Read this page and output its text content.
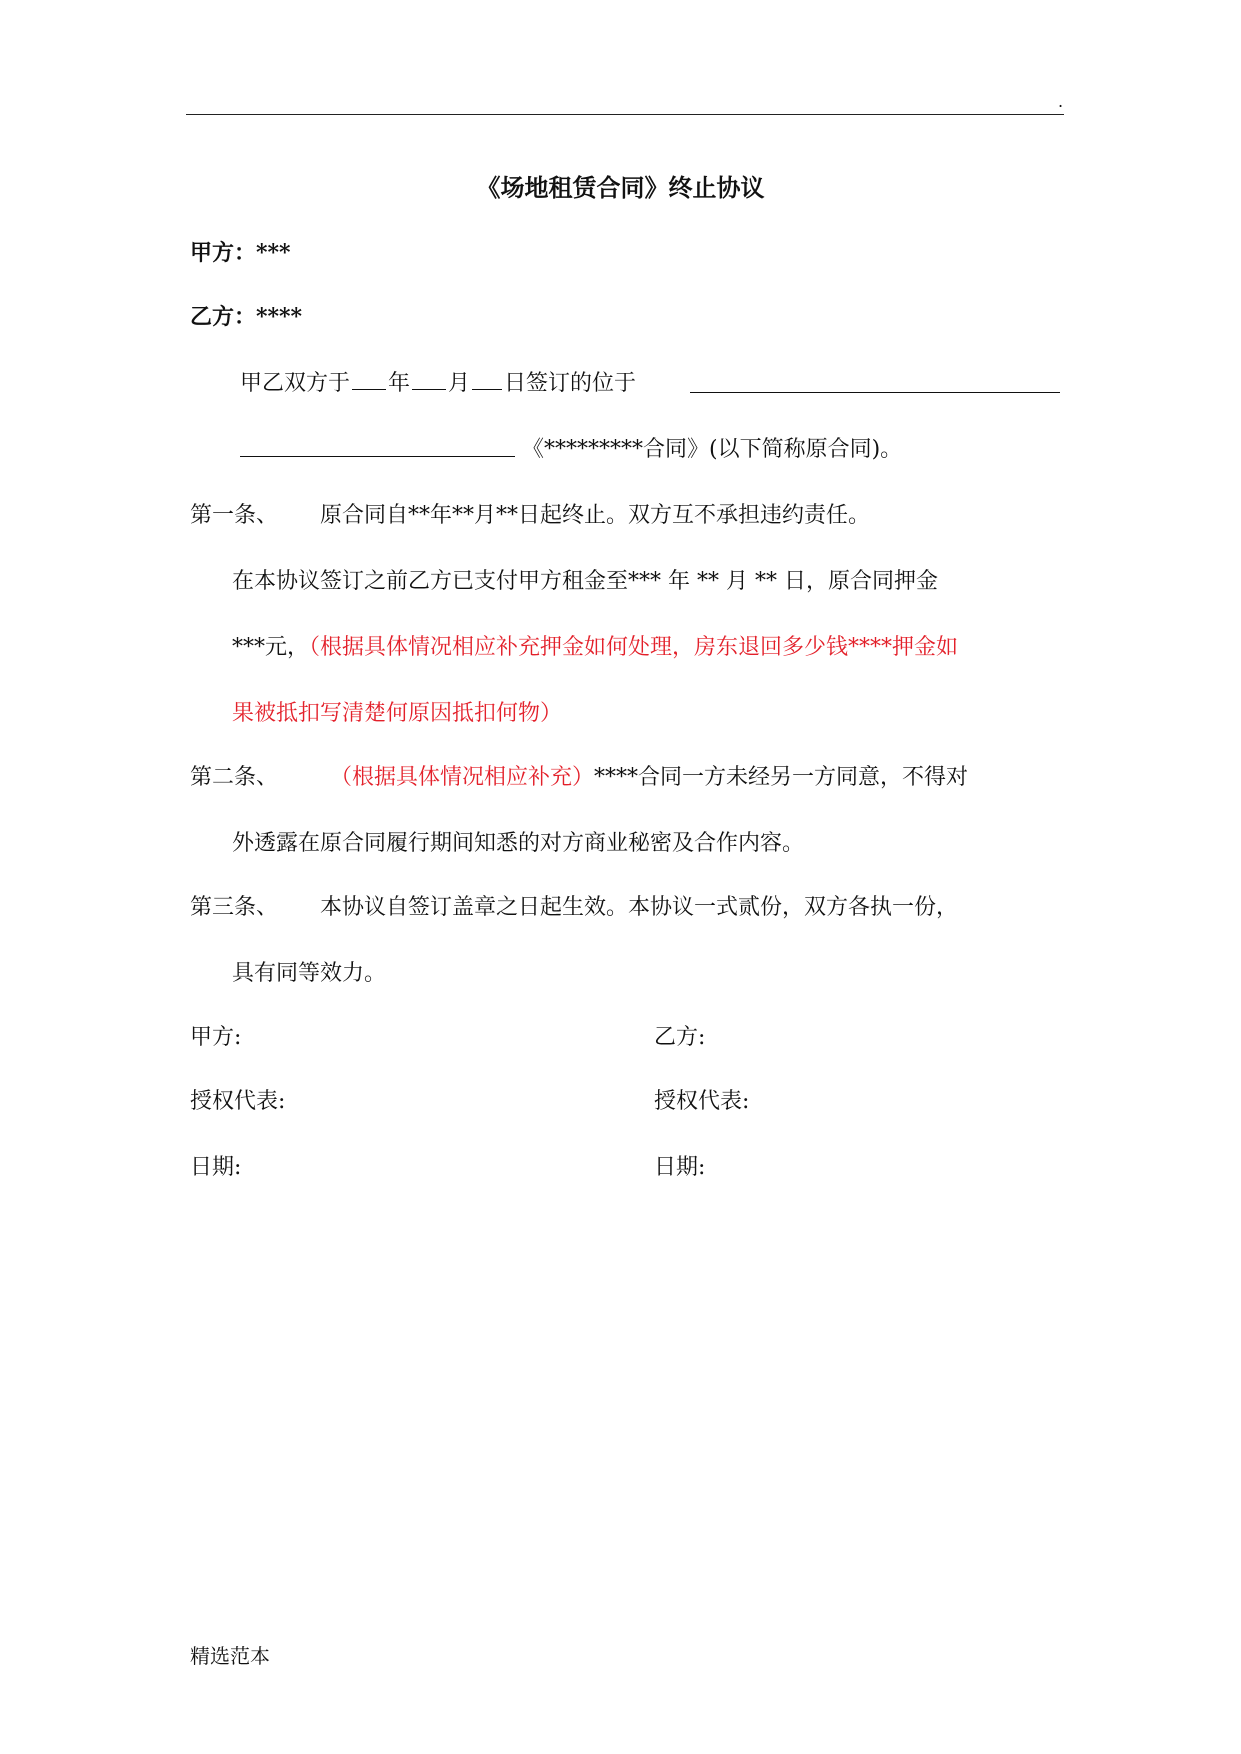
.
《场地租赁合同》终止协议
甲方：***
乙方：****
甲乙双方于 年 月 日签订的位于
《*********合同》(以下简称原合同)。
第一条、 原合同自**年**月**日起终止。双方互不承担违约责任。
在本协议签订之前乙方已支付甲方租金至*** 年 ** 月 ** 日，原合同押金
***元，（根据具体情况相应补充押金如何处理，房东退回多少钱****押金如
果被抵扣写清楚何原因抵扣何物）
第二条、 （根据具体情况相应补充）****合同一方未经另一方同意，不得对
外透露在原合同履行期间知悉的对方商业秘密及合作内容。
第三条、 本协议自签订盖章之日起生效。本协议一式贰份，双方各执一份，
具有同等效力。
甲方:	乙方:
授权代表:	授权代表:
日期:	日期:
精选范本
